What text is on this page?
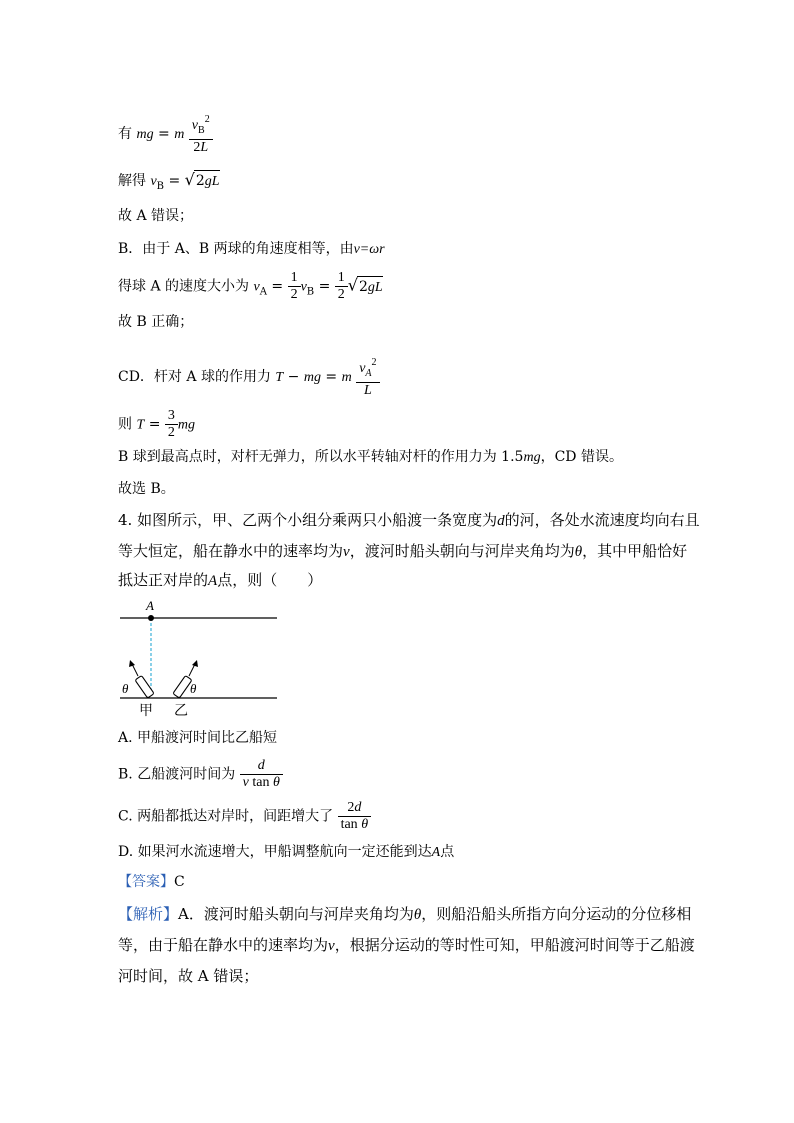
有 mg = m $\frac{v_B^2}{2L}$
解得 $v_B = √2gL$
故 A 错误；
B．由于 A、B 两球的角速度相等，由v=ωr
得球 A 的速度大小为 $v_A = \frac{1}{2} v_B = \frac{1}{2} √2gL$
故 B 正确；
CD．杆对 A 球的作用力 T − mg = m $\frac{v_A^2}{L}$
则 $T = \frac{3}{2}$ mg
B 球到最高点时，对杆无弹力，所以水平转轴对杆的作用力为 1.5mg，CD 错误。
故选 B。
4. 如图所示，甲、乙两个小组分乘两只小船渡一条宽度为d的河，各处水流速度均向右且
等大恒定，船在静水中的速率均为v，渡河时船头朝向与河岸夹角均为θ，其中甲船恰好
抵达正对岸的A点，则（　　）
A
θ	θ
甲 乙
A. 甲船渡河时间比乙船短
B. 乙船渡河时间为 $\frac{d}{\text{v tan θ}}$
C. 两船都抵达对岸时，间距增大了 $\frac{2d}{\text{tan θ}}$
D. 如果河水流速增大，甲船调整航向一定还能到达A点
【答案】C
【解析】A．渡河时船头朝向与河岸夹角均为θ，则船沿船头所指方向分运动的分位移相
等，由于船在静水中的速率均为v，根据分运动的等时性可知，甲船渡河时间等于乙船渡
河时间，故 A 错误；
